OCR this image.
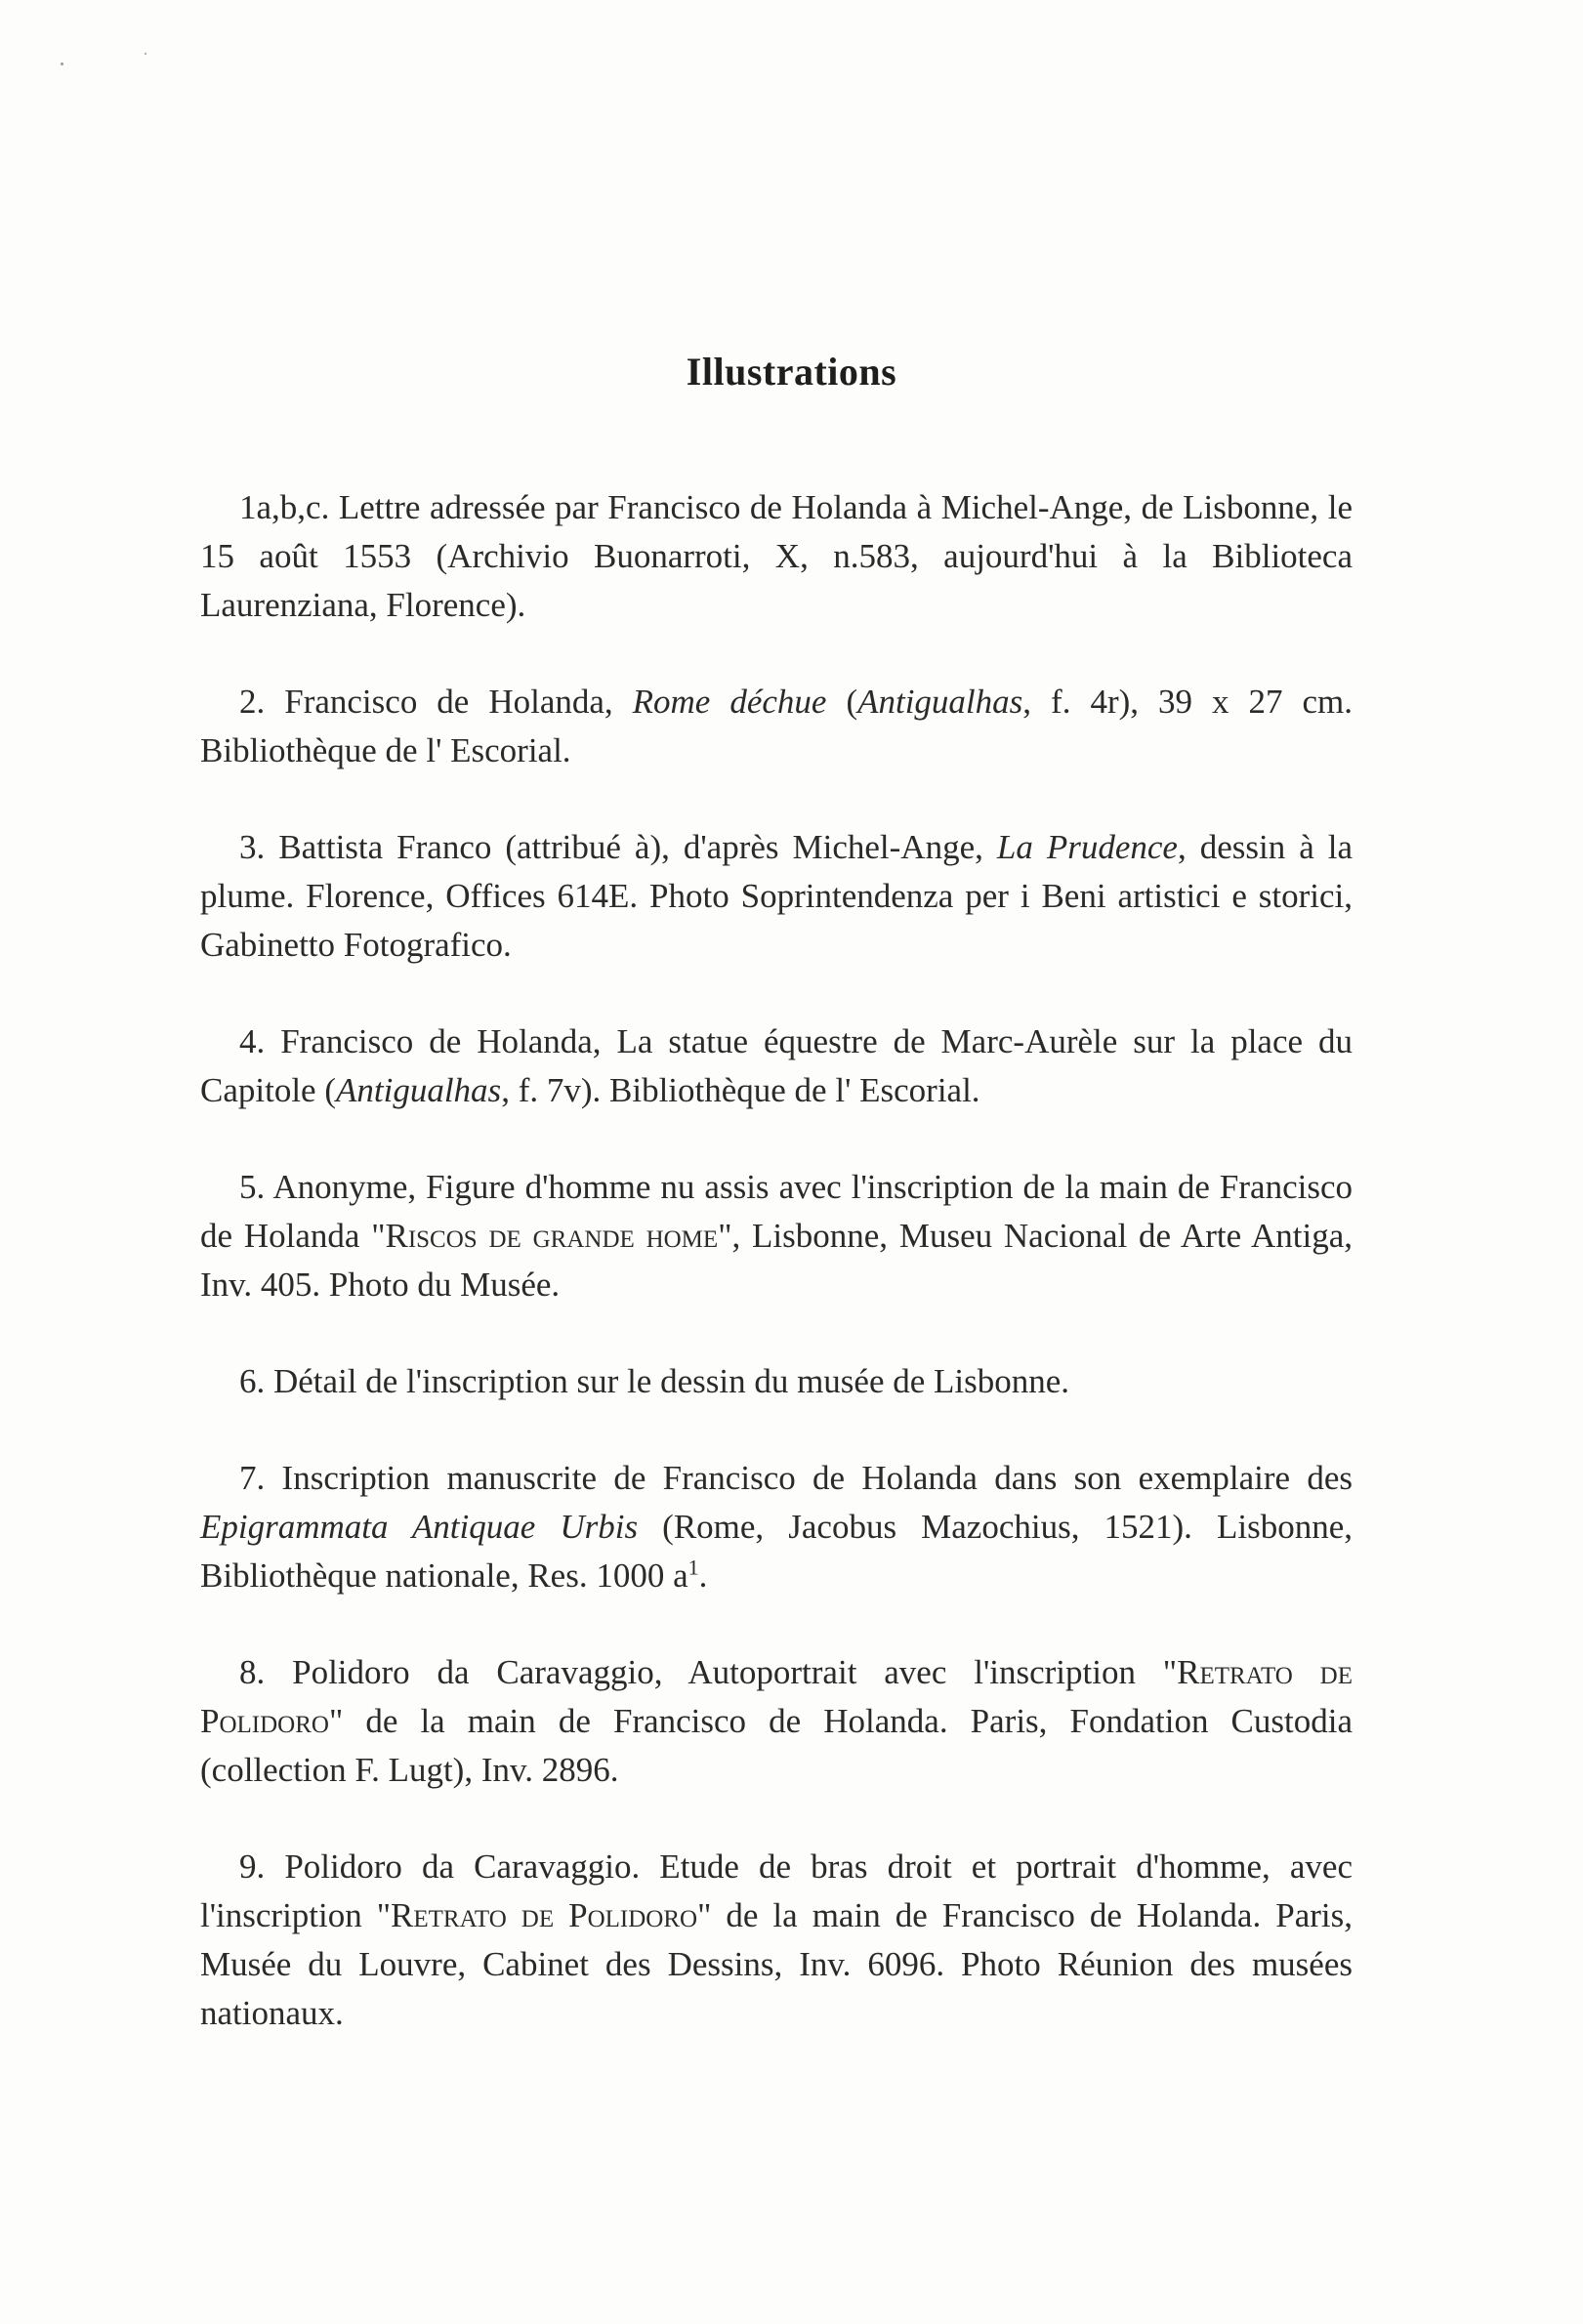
Illustrations

1a,b,c. Lettre adressée par Francisco de Holanda à Michel-Ange, de Lisbonne, le 15 août 1553 (Archivio Buonarroti, X, n.583, aujourd'hui à la Biblioteca Laurenziana, Florence).

2. Francisco de Holanda, Rome déchue (Antigualhas, f. 4r), 39 x 27 cm. Bibliothèque de l' Escorial.

3. Battista Franco (attribué à), d'après Michel-Ange, La Prudence, dessin à la plume. Florence, Offices 614E. Photo Soprintendenza per i Beni artistici e storici, Gabinetto Fotografico.

4. Francisco de Holanda, La statue équestre de Marc-Aurèle sur la place du Capitole (Antigualhas, f. 7v). Bibliothèque de l' Escorial.

5. Anonyme, Figure d'homme nu assis avec l'inscription de la main de Francisco de Holanda "Riscos de grande home", Lisbonne, Museu Nacional de Arte Antiga, Inv. 405. Photo du Musée.

6. Détail de l'inscription sur le dessin du musée de Lisbonne.

7. Inscription manuscrite de Francisco de Holanda dans son exemplaire des Epigrammata Antiquae Urbis (Rome, Jacobus Mazochius, 1521). Lisbonne, Bibliothèque nationale, Res. 1000 $a^1$.

8. Polidoro da Caravaggio, Autoportrait avec l'inscription "Retrato de Polidoro" de la main de Francisco de Holanda. Paris, Fondation Custodia (collection F. Lugt), Inv. 2896.

9. Polidoro da Caravaggio. Etude de bras droit et portrait d'homme, avec l'inscription "Retrato de Polidoro" de la main de Francisco de Holanda. Paris, Musée du Louvre, Cabinet des Dessins, Inv. 6096. Photo Réunion des musées nationaux.
